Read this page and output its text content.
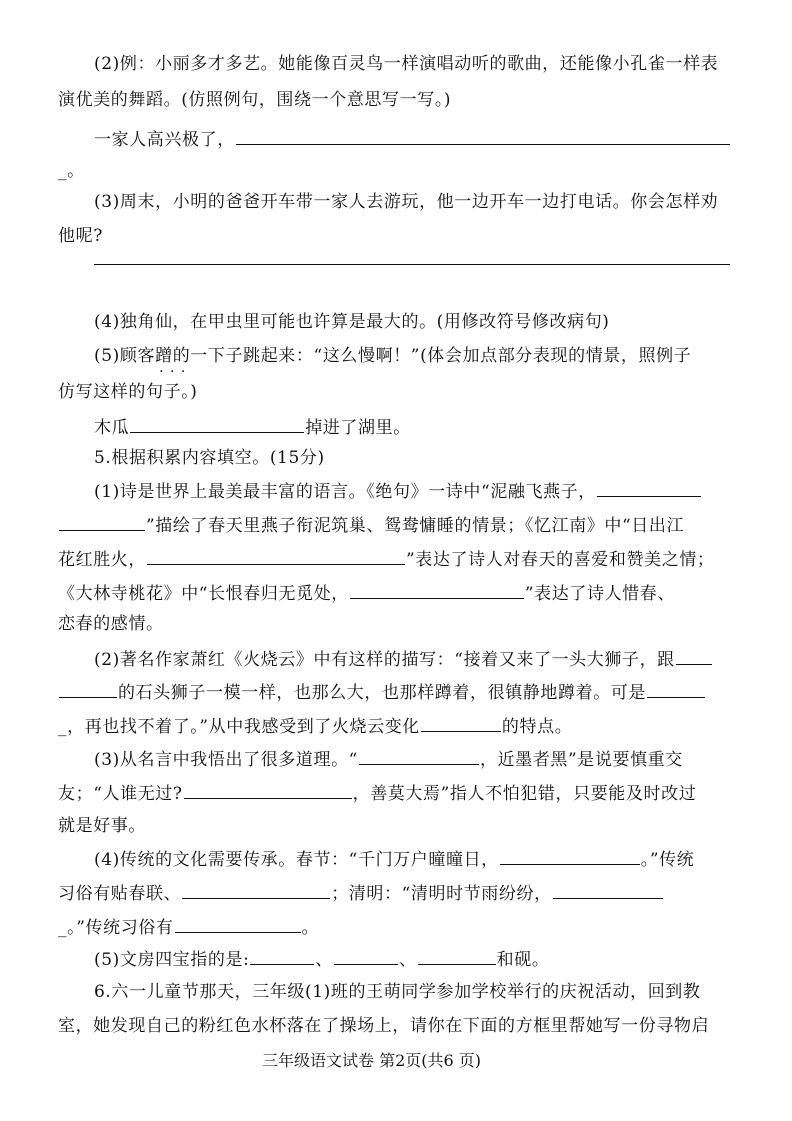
(2)例：小丽多才多艺。她能像百灵鸟一样演唱动听的歌曲，还能像小孔雀一样表
演优美的舞蹈。(仿照例句，围绕一个意思写一写。)
一家人高兴极了，
_。
(3)周末，小明的爸爸开车带一家人去游玩，他一边开车一边打电话。你会怎样劝
他呢?
(4)独角仙，在甲虫里可能也许算是最大的。(用修改符号修改病句)
(5)顾客蹭的一下子 · · ·跳起来：“这么慢啊！”(体会加点部分表现的情景，照例子
仿写这样的句子。)
木瓜	掉进了湖里。
5.根据积累内容填空。(15分)
(1)诗是世界上最美最丰富的语言。《绝句》一诗中“泥融飞燕子，
”描绘了春天里燕子衔泥筑巢、鸳鸯慵睡的情景；《忆江南》中“日出江
花红胜火，	”表达了诗人对春天的喜爱和赞美之情；
《大林寺桃花》中“长恨春归无觅处，	”表达了诗人惜春、
恋春的感情。
(2)著名作家萧红《火烧云》中有这样的描写：“接着又来了一头大狮子，跟
的石头狮子一模一样，也那么大，也那样蹲着，很镇静地蹲着。可是
_，再也找不着了。”从中我感受到了火烧云变化	的特点。
(3)从名言中我悟出了很多道理。“	，近墨者黑”是说要慎重交
友；“人谁无过?	，善莫大焉”指人不怕犯错，只要能及时改过
就是好事。
(4)传统的文化需要传承。春节：“千门万户曈曈日，	。”传统
习俗有贴春联、	；清明：“清明时节雨纷纷，
_。”传统习俗有	。
(5)文房四宝指的是:	、	、	和砚。
6.六一儿童节那天，三年级(1)班的王萌同学参加学校举行的庆祝活动，回到教
室，她发现自己的粉红色水杯落在了操场上，请你在下面的方框里帮她写一份寻物启
三年级语文试卷 第2页(共6 页)
